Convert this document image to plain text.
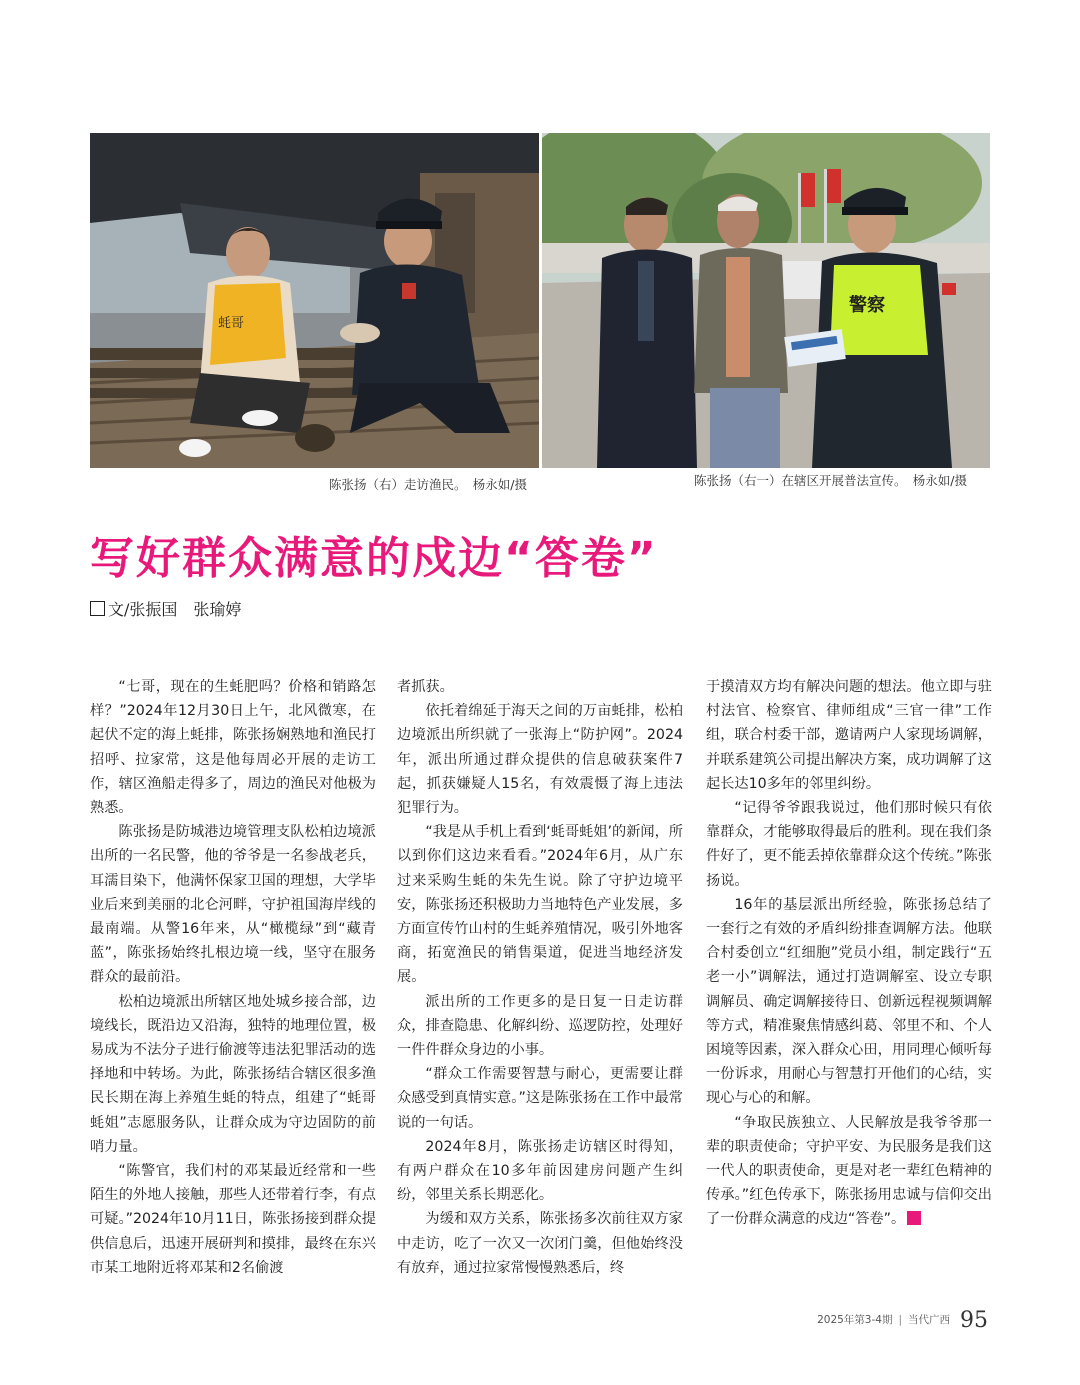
蚝哥
警察
陈张扬（右）走访渔民。　杨永如/摄	陈张扬（右一）在辖区开展普法宣传。　杨永如/摄
写好群众满意的戍边“答卷”
文/张振国　张瑜婷

“七哥，现在的生蚝肥吗？价格和销路怎样？”2024年12月30日上午，北风微寒，在起伏不定的海上蚝排，陈张扬娴熟地和渔民打招呼、拉家常，这是他每周必开展的走访工作，辖区渔船走得多了，周边的渔民对他极为熟悉。

陈张扬是防城港边境管理支队松柏边境派出所的一名民警，他的爷爷是一名参战老兵，耳濡目染下，他满怀保家卫国的理想，大学毕业后来到美丽的北仑河畔，守护祖国海岸线的最南端。从警16年来，从“橄榄绿”到“藏青蓝”，陈张扬始终扎根边境一线，坚守在服务群众的最前沿。

松柏边境派出所辖区地处城乡接合部，边境线长，既沿边又沿海，独特的地理位置，极易成为不法分子进行偷渡等违法犯罪活动的选择地和中转场。为此，陈张扬结合辖区很多渔民长期在海上养殖生蚝的特点，组建了“蚝哥蚝姐”志愿服务队，让群众成为守边固防的前哨力量。

“陈警官，我们村的邓某最近经常和一些陌生的外地人接触，那些人还带着行李，有点可疑。”2024年10月11日，陈张扬接到群众提供信息后，迅速开展研判和摸排，最终在东兴市某工地附近将邓某和2名偷渡

者抓获。

依托着绵延于海天之间的万亩蚝排，松柏边境派出所织就了一张海上“防护网”。2024年，派出所通过群众提供的信息破获案件7起，抓获嫌疑人15名，有效震慑了海上违法犯罪行为。

“我是从手机上看到‘蚝哥蚝姐’的新闻，所以到你们这边来看看。”2024年6月，从广东过来采购生蚝的朱先生说。除了守护边境平安，陈张扬还积极助力当地特色产业发展，多方面宣传竹山村的生蚝养殖情况，吸引外地客商，拓宽渔民的销售渠道，促进当地经济发展。

派出所的工作更多的是日复一日走访群众，排查隐患、化解纠纷、巡逻防控，处理好一件件群众身边的小事。

“群众工作需要智慧与耐心，更需要让群众感受到真情实意。”这是陈张扬在工作中最常说的一句话。

2024年8月，陈张扬走访辖区时得知，有两户群众在10多年前因建房问题产生纠纷，邻里关系长期恶化。

为缓和双方关系，陈张扬多次前往双方家中走访，吃了一次又一次闭门羹，但他始终没有放弃，通过拉家常慢慢熟悉后，终

于摸清双方均有解决问题的想法。他立即与驻村法官、检察官、律师组成“三官一律”工作组，联合村委干部，邀请两户人家现场调解，并联系建筑公司提出解决方案，成功调解了这起长达10多年的邻里纠纷。

“记得爷爷跟我说过，他们那时候只有依靠群众，才能够取得最后的胜利。现在我们条件好了，更不能丢掉依靠群众这个传统。”陈张扬说。

16年的基层派出所经验，陈张扬总结了一套行之有效的矛盾纠纷排查调解方法。他联合村委创立“红细胞”党员小组，制定践行“五老一小”调解法，通过打造调解室、设立专职调解员、确定调解接待日、创新远程视频调解等方式，精准聚焦情感纠葛、邻里不和、个人困境等因素，深入群众心田，用同理心倾听每一份诉求，用耐心与智慧打开他们的心结，实现心与心的和解。

“争取民族独立、人民解放是我爷爷那一辈的职责使命；守护平安、为民服务是我们这一代人的职责使命，更是对老一辈红色精神的传承。”红色传承下，陈张扬用忠诚与信仰交出了一份群众满意的戍边“答卷”。

2025年第3-4期 | 当代广西 95
